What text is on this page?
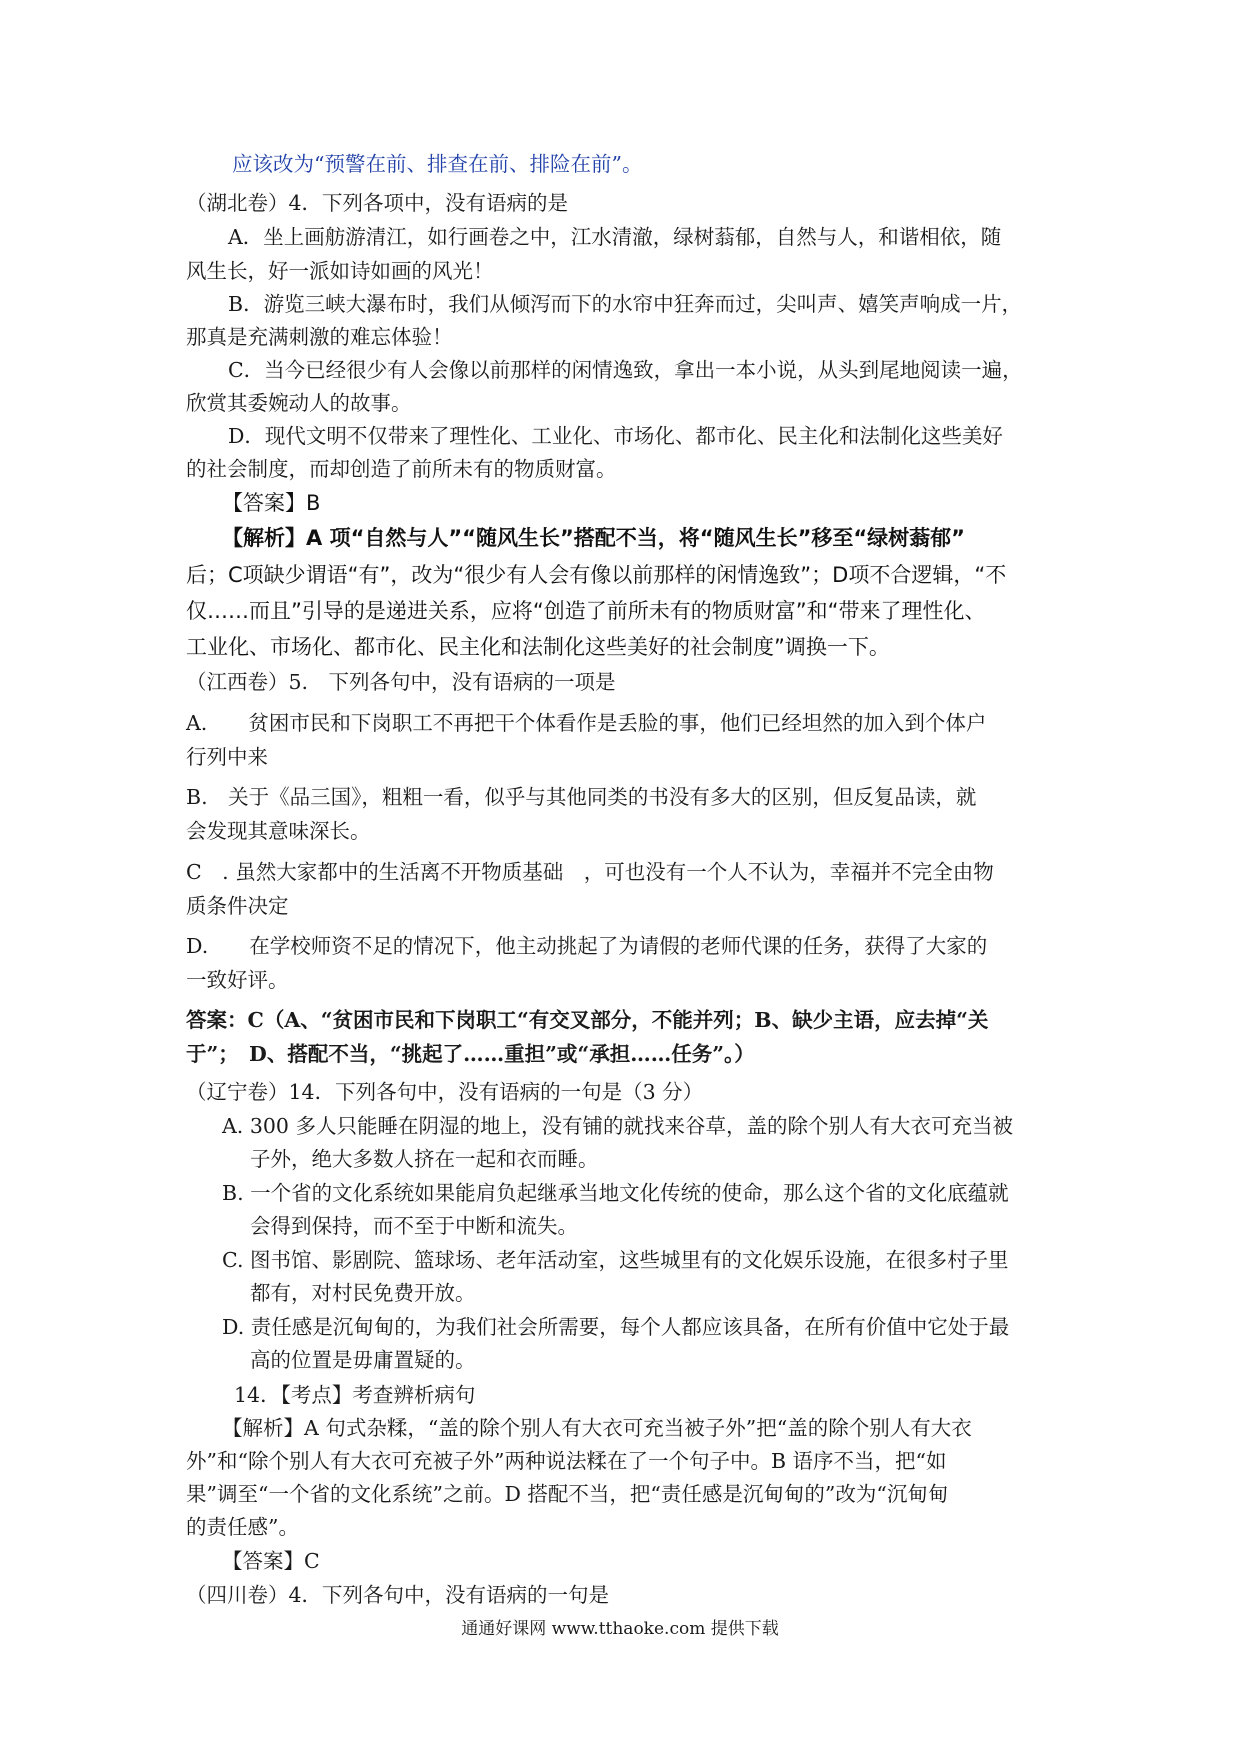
应该改为“预警在前、排查在前、排险在前”。
（湖北卷）4．下列各项中，没有语病的是
A．坐上画舫游清江，如行画卷之中，江水清澈，绿树蓊郁，自然与人，和谐相依，随
风生长，好一派如诗如画的风光！
B．游览三峡大瀑布时，我们从倾泻而下的水帘中狂奔而过，尖叫声、嬉笑声响成一片，
那真是充满刺激的难忘体验！
C．当今已经很少有人会像以前那样的闲情逸致，拿出一本小说，从头到尾地阅读一遍，
欣赏其委婉动人的故事。
D．现代文明不仅带来了理性化、工业化、市场化、都市化、民主化和法制化这些美好
的社会制度，而却创造了前所未有的物质财富。
【答案】B
【解析】A 项“自然与人”“随风生长”搭配不当，将“随风生长”移至“绿树蓊郁”
后；C项缺少谓语“有”，改为“很少有人会有像以前那样的闲情逸致”；D项不合逻辑，“不
仅……而且”引导的是递进关系，应将“创造了前所未有的物质财富”和“带来了理性化、
工业化、市场化、都市化、民主化和法制化这些美好的社会制度”调换一下。
（江西卷）5.　下列各句中，没有语病的一项是
A.　　贫困市民和下岗职工不再把干个体看作是丢脸的事，他们已经坦然的加入到个体户
行列中来
B.　关于《品三国》，粗粗一看，似乎与其他同类的书没有多大的区别，但反复品读，就
会发现其意味深长。
C　. 虽然大家都中的生活离不开物质基础　，可也没有一个人不认为，幸福并不完全由物
质条件决定
D.　　在学校师资不足的情况下，他主动挑起了为请假的老师代课的任务，获得了大家的
一致好评。
答案：C（A、“贫困市民和下岗职工“有交叉部分，不能并列；B、缺少主语，应去掉“关
于”；　D、搭配不当，“挑起了……重担”或“承担……任务”。）
（辽宁卷）14．下列各句中，没有语病的一句是（3 分）
A. 300 多人只能睡在阴湿的地上，没有铺的就找来谷草，盖的除个别人有大衣可充当被
子外，绝大多数人挤在一起和衣而睡。
B. 一个省的文化系统如果能肩负起继承当地文化传统的使命，那么这个省的文化底蕴就
会得到保持，而不至于中断和流失。
C. 图书馆、影剧院、篮球场、老年活动室，这些城里有的文化娱乐设施，在很多村子里
都有，对村民免费开放。
D. 责任感是沉甸甸的，为我们社会所需要，每个人都应该具备，在所有价值中它处于最
高的位置是毋庸置疑的。
14．【考点】考查辨析病句
【解析】A 句式杂糅，“盖的除个别人有大衣可充当被子外”把“盖的除个别人有大衣
外”和“除个别人有大衣可充被子外”两种说法糅在了一个句子中。B 语序不当，把“如
果”调至“一个省的文化系统”之前。D 搭配不当，把“责任感是沉甸甸的”改为“沉甸甸
的责任感”。
【答案】C
（四川卷）4．下列各句中，没有语病的一句是
通通好课网 www.tthaoke.com 提供下载
